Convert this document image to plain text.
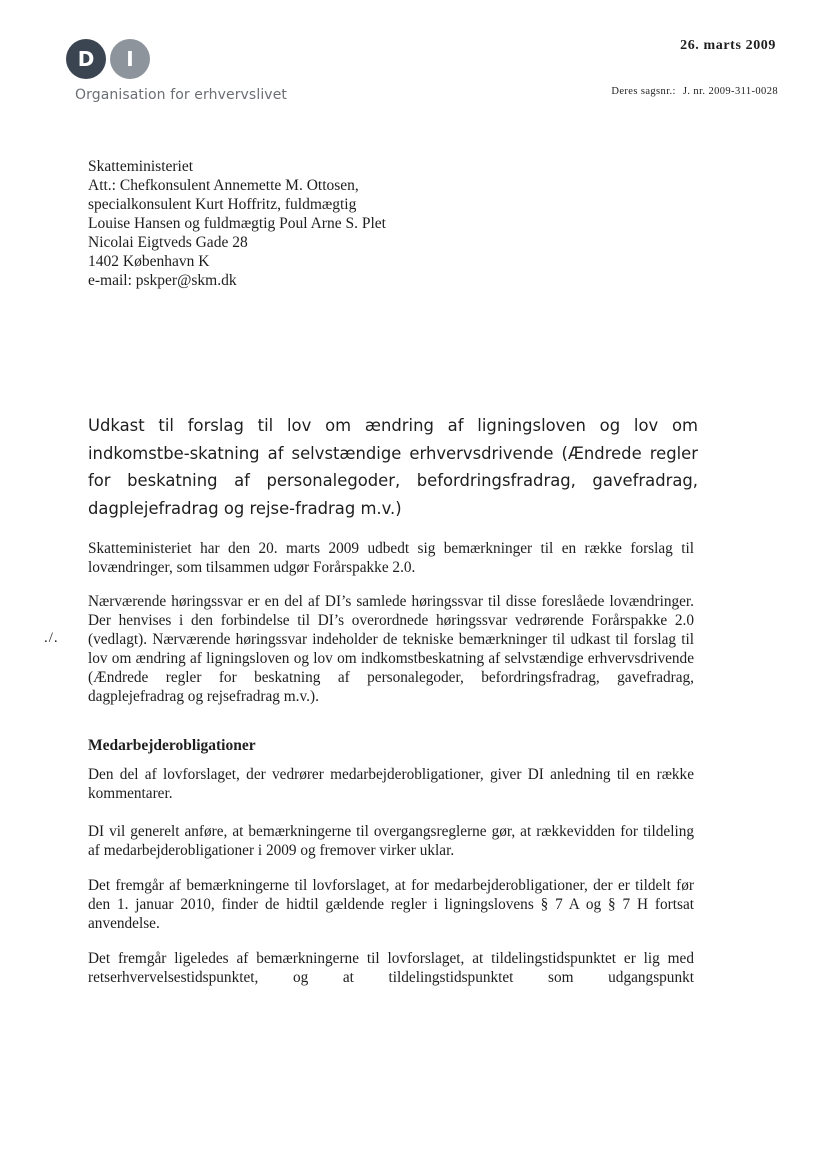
D	I
Organisation for erhvervslivet
26. marts 2009
Deres sagsnr.: J. nr. 2009-311-0028
Skatteministeriet
Att.: Chefkonsulent Annemette M. Ottosen,
specialkonsulent Kurt Hoffritz, fuldmægtig
Louise Hansen og fuldmægtig Poul Arne S. Plet
Nicolai Eigtveds Gade 28
1402 København K
e-mail: pskper@skm.dk
Udkast til forslag til lov om ændring af ligningsloven og lov om indkomstbe-skatning af selvstændige erhvervsdrivende (Ændrede regler for beskatning af personalegoder, befordringsfradrag, gavefradrag, dagplejefradrag og rejse-fradrag m.v.)
Skatteministeriet har den 20. marts 2009 udbedt sig bemærkninger til en række forslag til lovændringer, som tilsammen udgør Forårspakke 2.0.
./.
Nærværende høringssvar er en del af DI’s samlede høringssvar til disse foreslåede lovændringer. Der henvises i den forbindelse til DI’s overordnede høringssvar vedrørende Forårspakke 2.0 (vedlagt). Nærværende høringssvar indeholder de tekniske bemærkninger til udkast til forslag til lov om ændring af ligningsloven og lov om indkomstbeskatning af selvstændige erhvervsdrivende (Ændrede regler for beskatning af personalegoder, befordringsfradrag, gavefradrag, dagplejefradrag og rejsefradrag m.v.).
Medarbejderobligationer
Den del af lovforslaget, der vedrører medarbejderobligationer, giver DI anledning til en række kommentarer.
DI vil generelt anføre, at bemærkningerne til overgangsreglerne gør, at rækkevidden for tildeling af medarbejderobligationer i 2009 og fremover virker uklar.
Det fremgår af bemærkningerne til lovforslaget, at for medarbejderobligationer, der er tildelt før den 1. januar 2010, finder de hidtil gældende regler i ligningslovens § 7 A og § 7 H fortsat anvendelse.
Det fremgår ligeledes af bemærkningerne til lovforslaget, at tildelingstidspunktet er lig med retserhvervelsestidspunktet, og at tildelingstidspunktet som udgangspunkt
